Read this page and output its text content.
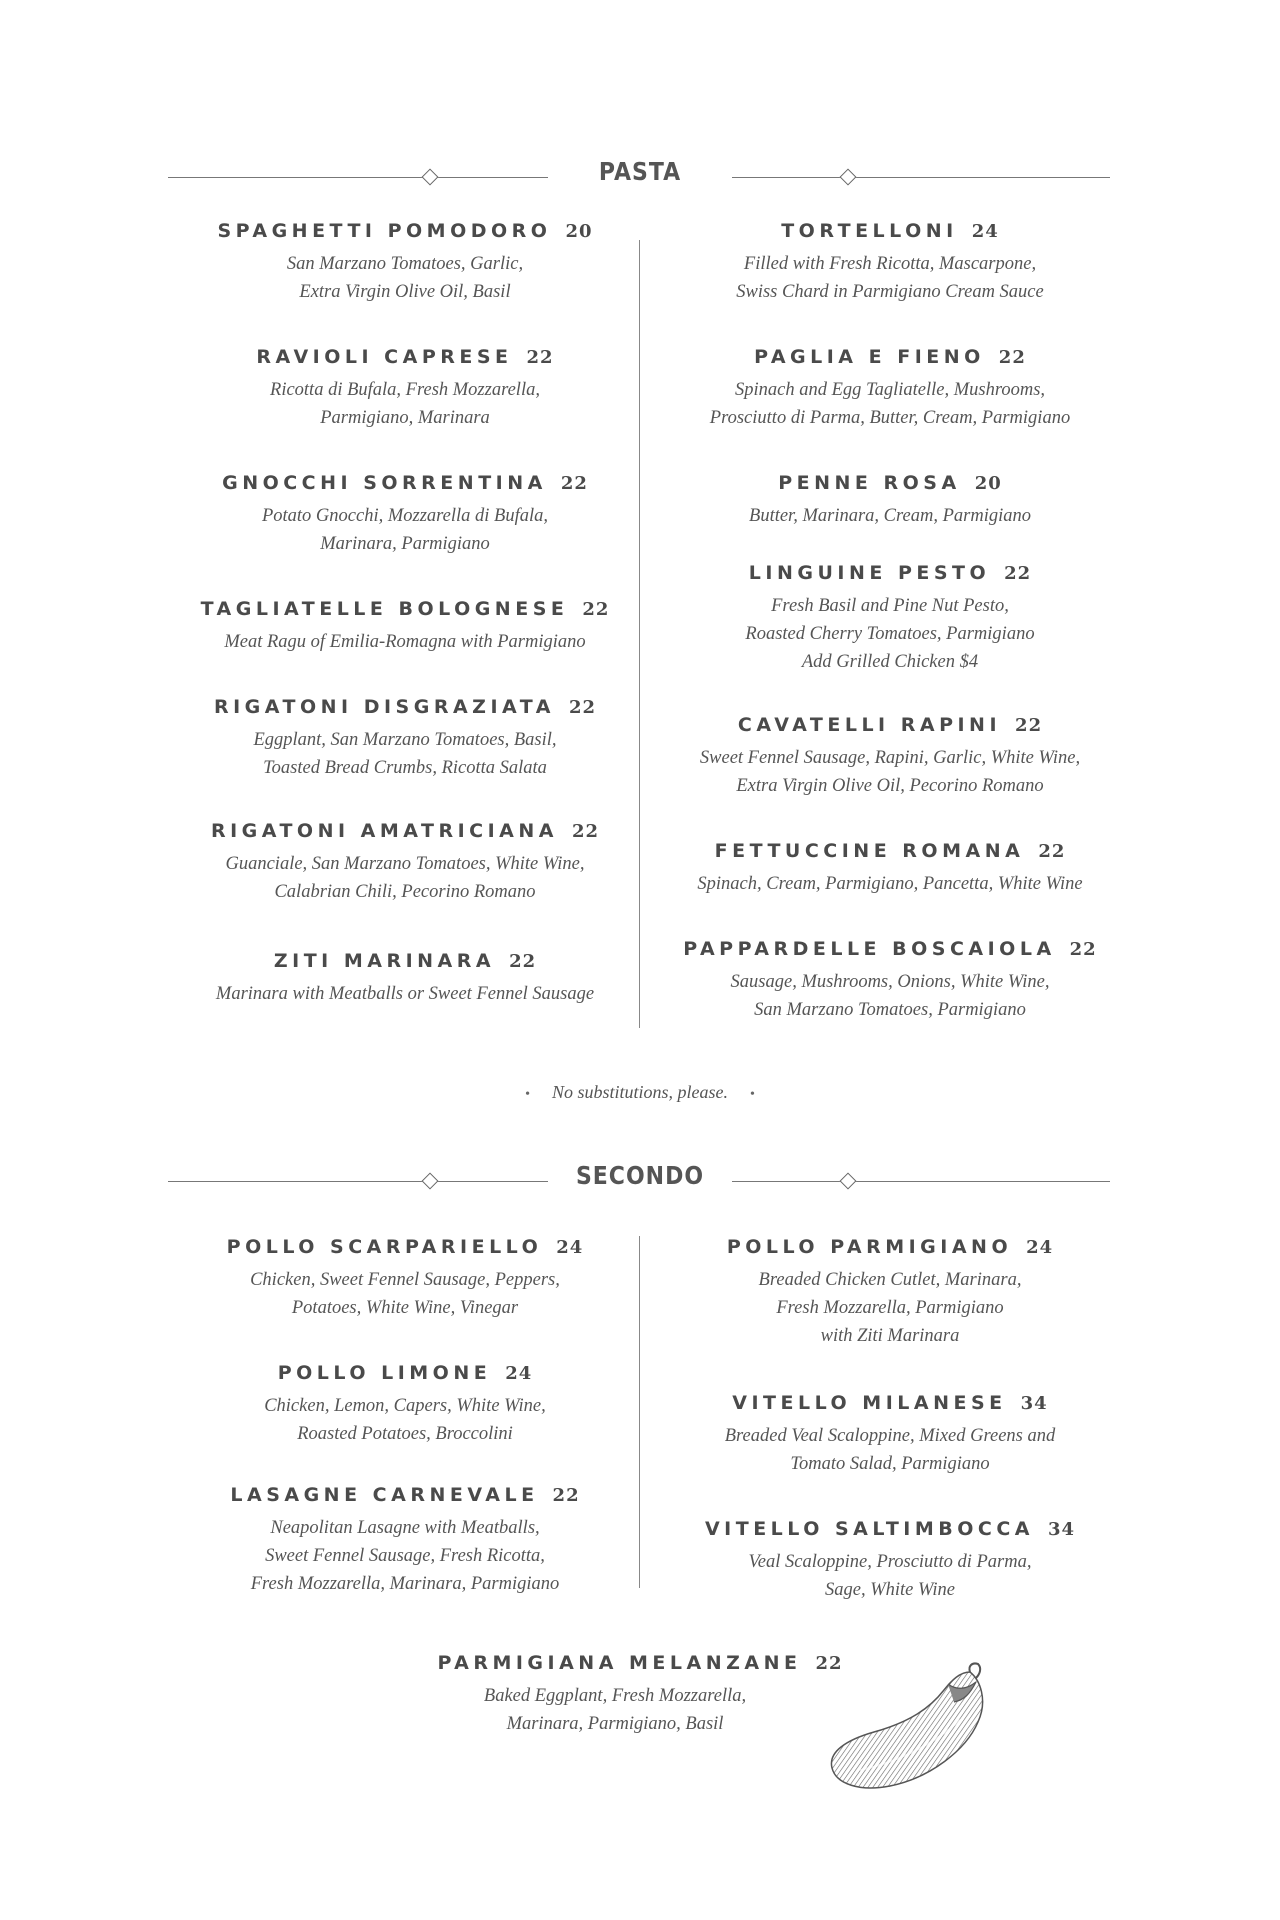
PASTA
SPAGHETTI POMODORO 20
San Marzano Tomatoes, Garlic,
Extra Virgin Olive Oil, Basil
RAVIOLI CAPRESE 22
Ricotta di Bufala, Fresh Mozzarella,
Parmigiano, Marinara
GNOCCHI SORRENTINA 22
Potato Gnocchi, Mozzarella di Bufala,
Marinara, Parmigiano
TAGLIATELLE BOLOGNESE 22
Meat Ragu of Emilia-Romagna with Parmigiano
RIGATONI DISGRAZIATA 22
Eggplant, San Marzano Tomatoes, Basil,
Toasted Bread Crumbs, Ricotta Salata
RIGATONI AMATRICIANA 22
Guanciale, San Marzano Tomatoes, White Wine,
Calabrian Chili, Pecorino Romano
ZITI MARINARA 22
Marinara with Meatballs or Sweet Fennel Sausage
TORTELLONI 24
Filled with Fresh Ricotta, Mascarpone,
Swiss Chard in Parmigiano Cream Sauce
PAGLIA E FIENO 22
Spinach and Egg Tagliatelle, Mushrooms,
Prosciutto di Parma, Butter, Cream, Parmigiano
PENNE ROSA 20
Butter, Marinara, Cream, Parmigiano
LINGUINE PESTO 22
Fresh Basil and Pine Nut Pesto,
Roasted Cherry Tomatoes, Parmigiano
Add Grilled Chicken $4
CAVATELLI RAPINI 22
Sweet Fennel Sausage, Rapini, Garlic, White Wine,
Extra Virgin Olive Oil, Pecorino Romano
FETTUCCINE ROMANA 22
Spinach, Cream, Parmigiano, Pancetta, White Wine
PAPPARDELLE BOSCAIOLA 22
Sausage, Mushrooms, Onions, White Wine,
San Marzano Tomatoes, Parmigiano
• No substitutions, please. •
SECONDO
POLLO SCARPARIELLO 24
Chicken, Sweet Fennel Sausage, Peppers,
Potatoes, White Wine, Vinegar
POLLO LIMONE 24
Chicken, Lemon, Capers, White Wine,
Roasted Potatoes, Broccolini
LASAGNE CARNEVALE 22
Neapolitan Lasagne with Meatballs,
Sweet Fennel Sausage, Fresh Ricotta,
Fresh Mozzarella, Marinara, Parmigiano
POLLO PARMIGIANO 24
Breaded Chicken Cutlet, Marinara,
Fresh Mozzarella, Parmigiano
with Ziti Marinara
VITELLO MILANESE 34
Breaded Veal Scaloppine, Mixed Greens and
Tomato Salad, Parmigiano
VITELLO SALTIMBOCCA 34
Veal Scaloppine, Prosciutto di Parma,
Sage, White Wine
PARMIGIANA MELANZANE 22
Baked Eggplant, Fresh Mozzarella,
Marinara, Parmigiano, Basil
